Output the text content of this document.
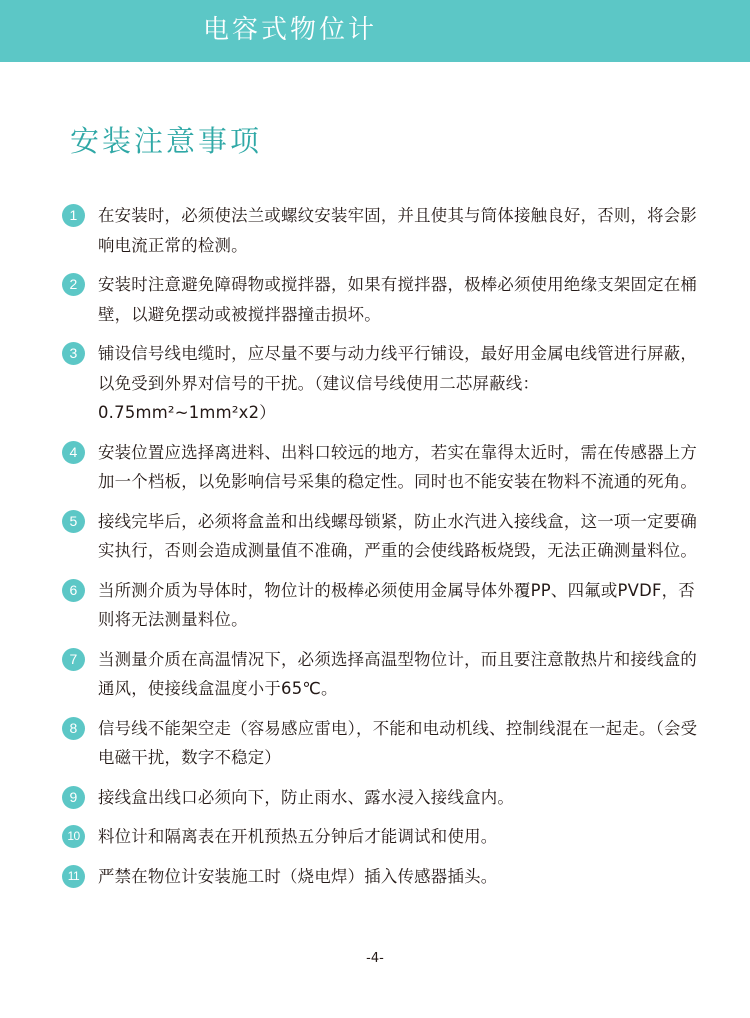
电容式物位计
安装注意事项
1	在安装时，必须使法兰或螺纹安装牢固，并且使其与筒体接触良好，否则，将会影响电流正常的检测。
2	安装时注意避免障碍物或搅拌器，如果有搅拌器，极棒必须使用绝缘支架固定在桶壁，以避免摆动或被搅拌器撞击损坏。
3	铺设信号线电缆时，应尽量不要与动力线平行铺设，最好用金属电线管进行屏蔽，以免受到外界对信号的干扰。（建议信号线使用二芯屏蔽线：0.75mm²~1mm²x2）
4	安装位置应选择离进料、出料口较远的地方，若实在靠得太近时，需在传感器上方加一个档板，以免影响信号采集的稳定性。同时也不能安装在物料不流通的死角。
5	接线完毕后，必须将盒盖和出线螺母锁紧，防止水汽进入接线盒，这一项一定要确实执行，否则会造成测量值不准确，严重的会使线路板烧毁，无法正确测量料位。
6	当所测介质为导体时，物位计的极棒必须使用金属导体外覆PP、四氟或PVDF，否则将无法测量料位。
7	当测量介质在高温情况下，必须选择高温型物位计，而且要注意散热片和接线盒的通风，使接线盒温度小于65℃。
8	信号线不能架空走（容易感应雷电），不能和电动机线、控制线混在一起走。（会受电磁干扰，数字不稳定）
9	接线盒出线口必须向下，防止雨水、露水浸入接线盒内。
10	料位计和隔离表在开机预热五分钟后才能调试和使用。
11	严禁在物位计安装施工时（烧电焊）插入传感器插头。
-4-
